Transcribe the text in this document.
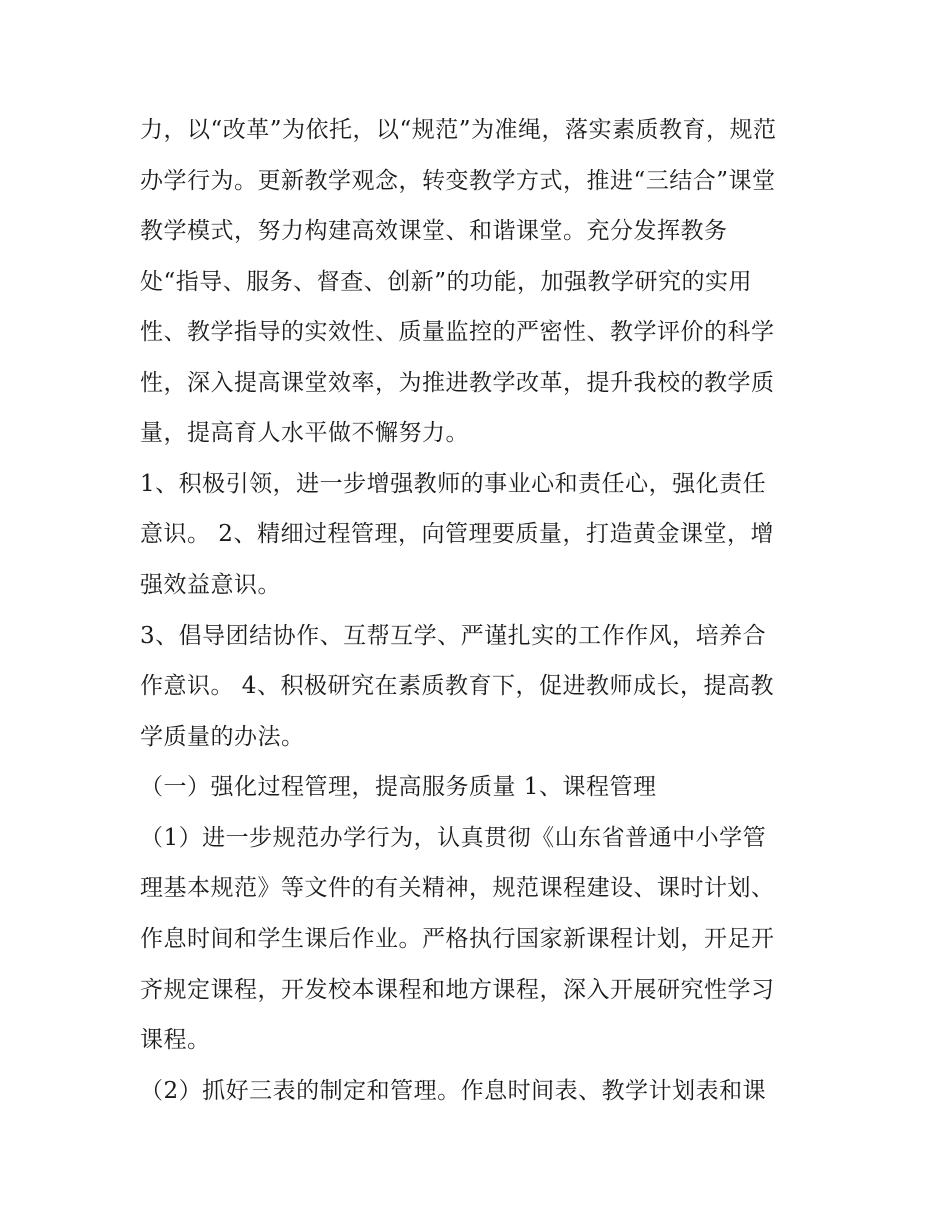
力，以“改革”为依托，以“规范”为准绳，落实素质教育，规范
办学行为。更新教学观念，转变教学方式，推进“三结合”课堂
教学模式，努力构建高效课堂、和谐课堂。充分发挥教务
处“指导、服务、督查、创新”的功能，加强教学研究的实用
性、教学指导的实效性、质量监控的严密性、教学评价的科学
性，深入提高课堂效率，为推进教学改革，提升我校的教学质
量，提高育人水平做不懈努力。
1、积极引领，进一步增强教师的事业心和责任心，强化责任
意识。 2、精细过程管理，向管理要质量，打造黄金课堂，增
强效益意识。
3、倡导团结协作、互帮互学、严谨扎实的工作作风，培养合
作意识。 4、积极研究在素质教育下，促进教师成长，提高教
学质量的办法。
（一）强化过程管理，提高服务质量 1、课程管理
（1）进一步规范办学行为，认真贯彻《山东省普通中小学管
理基本规范》等文件的有关精神，规范课程建设、课时计划、
作息时间和学生课后作业。严格执行国家新课程计划，开足开
齐规定课程，开发校本课程和地方课程，深入开展研究性学习
课程。
（2）抓好三表的制定和管理。作息时间表、教学计划表和课
